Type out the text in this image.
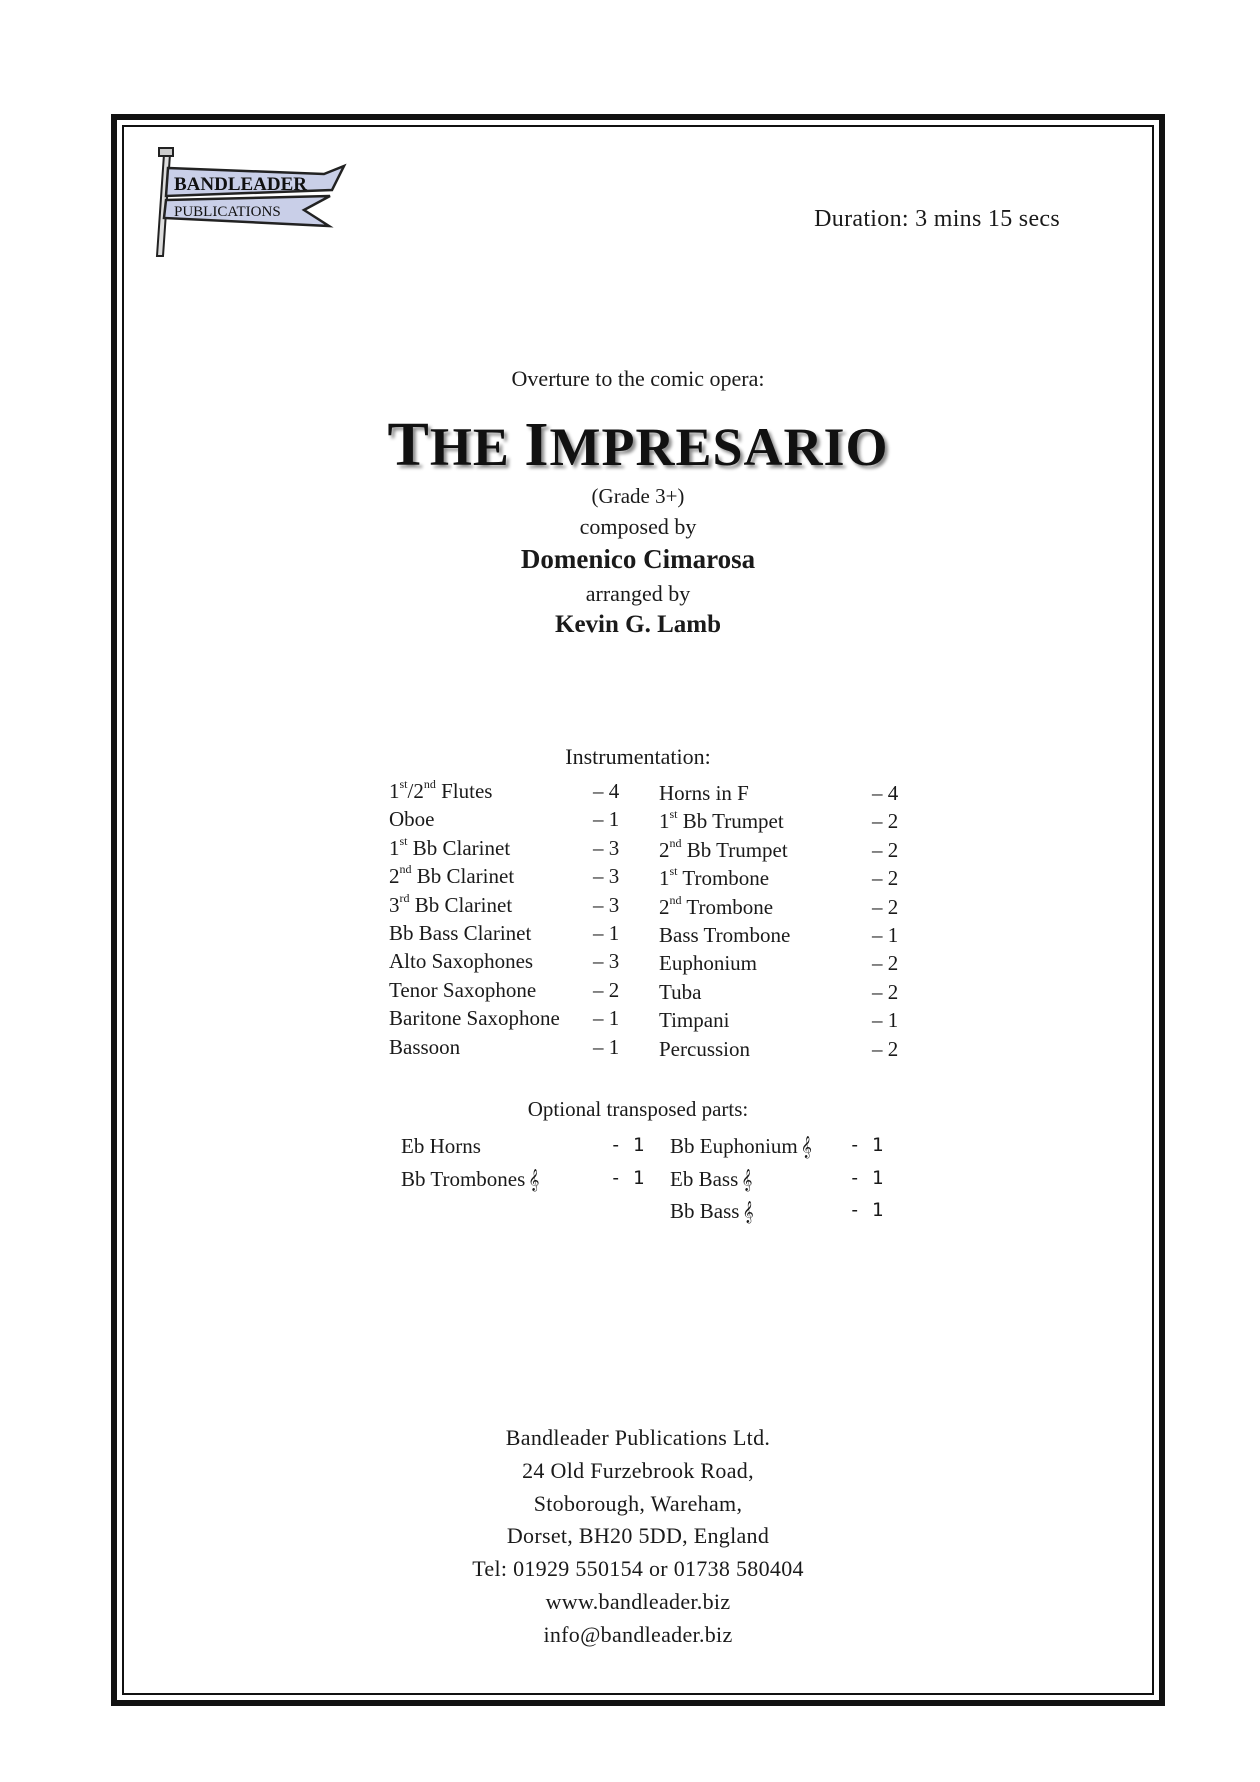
BANDLEADER
PUBLICATIONS	Duration: 3 mins 15 secs
Overture to the comic opera:
THE IMPRESARIO
(Grade 3+)
composed by
Domenico Cimarosa
arranged by
Kevin G. Lamb
Instrumentation:
1st/2nd Flutes	– 4
Oboe	– 1
1st Bb Clarinet	– 3
2nd Bb Clarinet	– 3
3rd Bb Clarinet	– 3
Bb Bass Clarinet	– 1
Alto Saxophones	– 3
Tenor Saxophone	– 2
Baritone Saxophone – 1
Bassoon	– 1
Horns in F	– 4
1st Bb Trumpet	– 2
2nd Bb Trumpet	– 2
1st Trombone	– 2
2nd Trombone	– 2
Bass Trombone	– 1
Euphonium	– 2
Tuba	– 2
Timpani	– 1
Percussion	– 2
Optional transposed parts:
Eb Horns	- 1
Bb Trombones 𝄞	- 1
Bb Euphonium 𝄞 - 1
Eb Bass 𝄞	- 1
Bb Bass 𝄞	- 1
Bandleader Publications Ltd.
24 Old Furzebrook Road,
Stoborough, Wareham,
Dorset, BH20 5DD, England
Tel: 01929 550154 or 01738 580404
www.bandleader.biz
info@bandleader.biz
